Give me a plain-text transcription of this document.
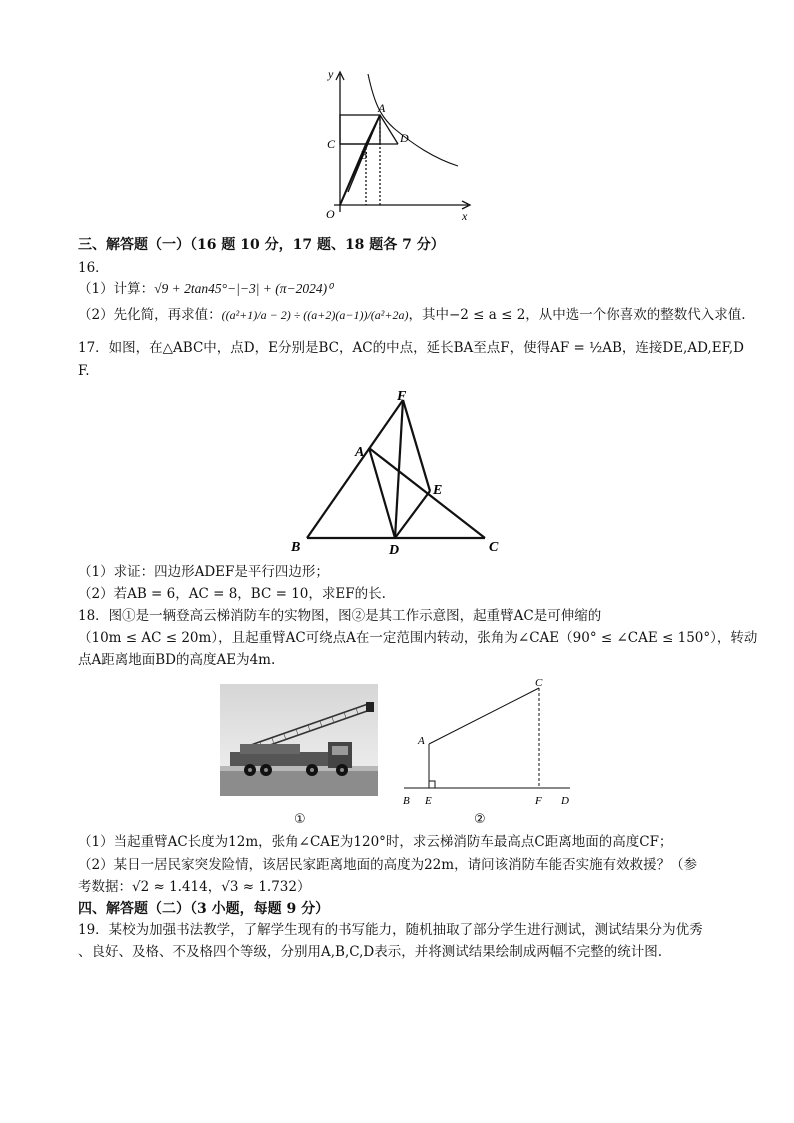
y
x
O
A
B
C	D
三、解答题（一）（16 题 10 分，17 题、18 题各 7 分）
16．
（1）计算：√9 + 2tan45°−|−3| + (π−2024)⁰
（2）先化简，再求值：((a²+1)/a − 2) ÷ ((a+2)(a−1))/(a²+2a)，其中−2 ≤ a ≤ 2，从中选一个你喜欢的整数代入求值.
17．如图，在△ABC中，点D，E分别是BC，AC的中点，延长BA至点F，使得AF = ½AB，连接DE,AD,EF,D
F.
F
A
E
B	D	C
（1）求证：四边形ADEF是平行四边形；
（2）若AB = 6，AC = 8，BC = 10，求EF的长.
18．图①是一辆登高云梯消防车的实物图，图②是其工作示意图，起重臂AC是可伸缩的
（10m ≤ AC ≤ 20m），且起重臂AC可绕点A在一定范围内转动，张角为∠CAE（90° ≤ ∠CAE ≤ 150°），转动
点A距离地面BD的高度AE为4m.
①
A
C
B E	F D
②
（1）当起重臂AC长度为12m，张角∠CAE为120°时，求云梯消防车最高点C距离地面的高度CF；
（2）某日一居民家突发险情，该居民家距离地面的高度为22m，请问该消防车能否实施有效救援？（参
考数据：√2 ≈ 1.414，√3 ≈ 1.732）
四、解答题（二）（3 小题，每题 9 分）
19．某校为加强书法教学，了解学生现有的书写能力，随机抽取了部分学生进行测试，测试结果分为优秀
、良好、及格、不及格四个等级，分别用A,B,C,D表示，并将测试结果绘制成两幅不完整的统计图.
